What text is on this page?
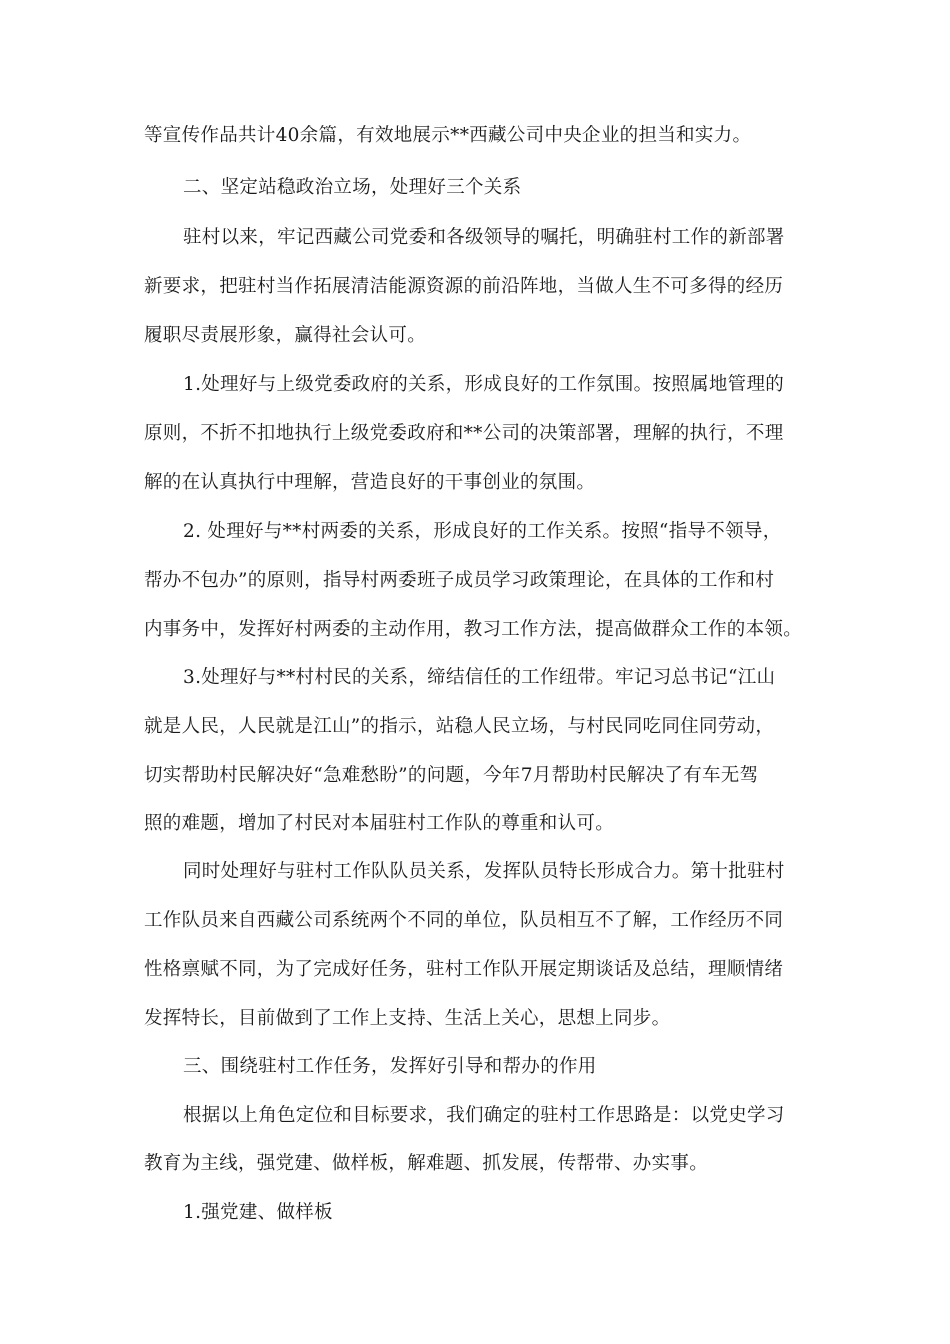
等宣传作品共计40余篇，有效地展示**西藏公司中央企业的担当和实力。
二、坚定站稳政治立场，处理好三个关系
驻村以来，牢记西藏公司党委和各级领导的嘱托，明确驻村工作的新部署
新要求，把驻村当作拓展清洁能源资源的前沿阵地，当做人生不可多得的经历
履职尽责展形象，赢得社会认可。
1.处理好与上级党委政府的关系，形成良好的工作氛围。按照属地管理的
原则，不折不扣地执行上级党委政府和**公司的决策部署，理解的执行，不理
解的在认真执行中理解，营造良好的干事创业的氛围。
2. 处理好与**村两委的关系，形成良好的工作关系。按照“指导不领导，
帮办不包办”的原则，指导村两委班子成员学习政策理论，在具体的工作和村
内事务中，发挥好村两委的主动作用，教习工作方法，提高做群众工作的本领。
3.处理好与**村村民的关系，缔结信任的工作纽带。牢记习总书记“江山
就是人民，人民就是江山”的指示，站稳人民立场，与村民同吃同住同劳动，
切实帮助村民解决好“急难愁盼”的问题，今年7月帮助村民解决了有车无驾
照的难题，增加了村民对本届驻村工作队的尊重和认可。
同时处理好与驻村工作队队员关系，发挥队员特长形成合力。第十批驻村
工作队员来自西藏公司系统两个不同的单位，队员相互不了解，工作经历不同
性格禀赋不同，为了完成好任务，驻村工作队开展定期谈话及总结，理顺情绪
发挥特长，目前做到了工作上支持、生活上关心，思想上同步。
三、围绕驻村工作任务，发挥好引导和帮办的作用
根据以上角色定位和目标要求，我们确定的驻村工作思路是：以党史学习
教育为主线，强党建、做样板，解难题、抓发展，传帮带、办实事。
1.强党建、做样板
